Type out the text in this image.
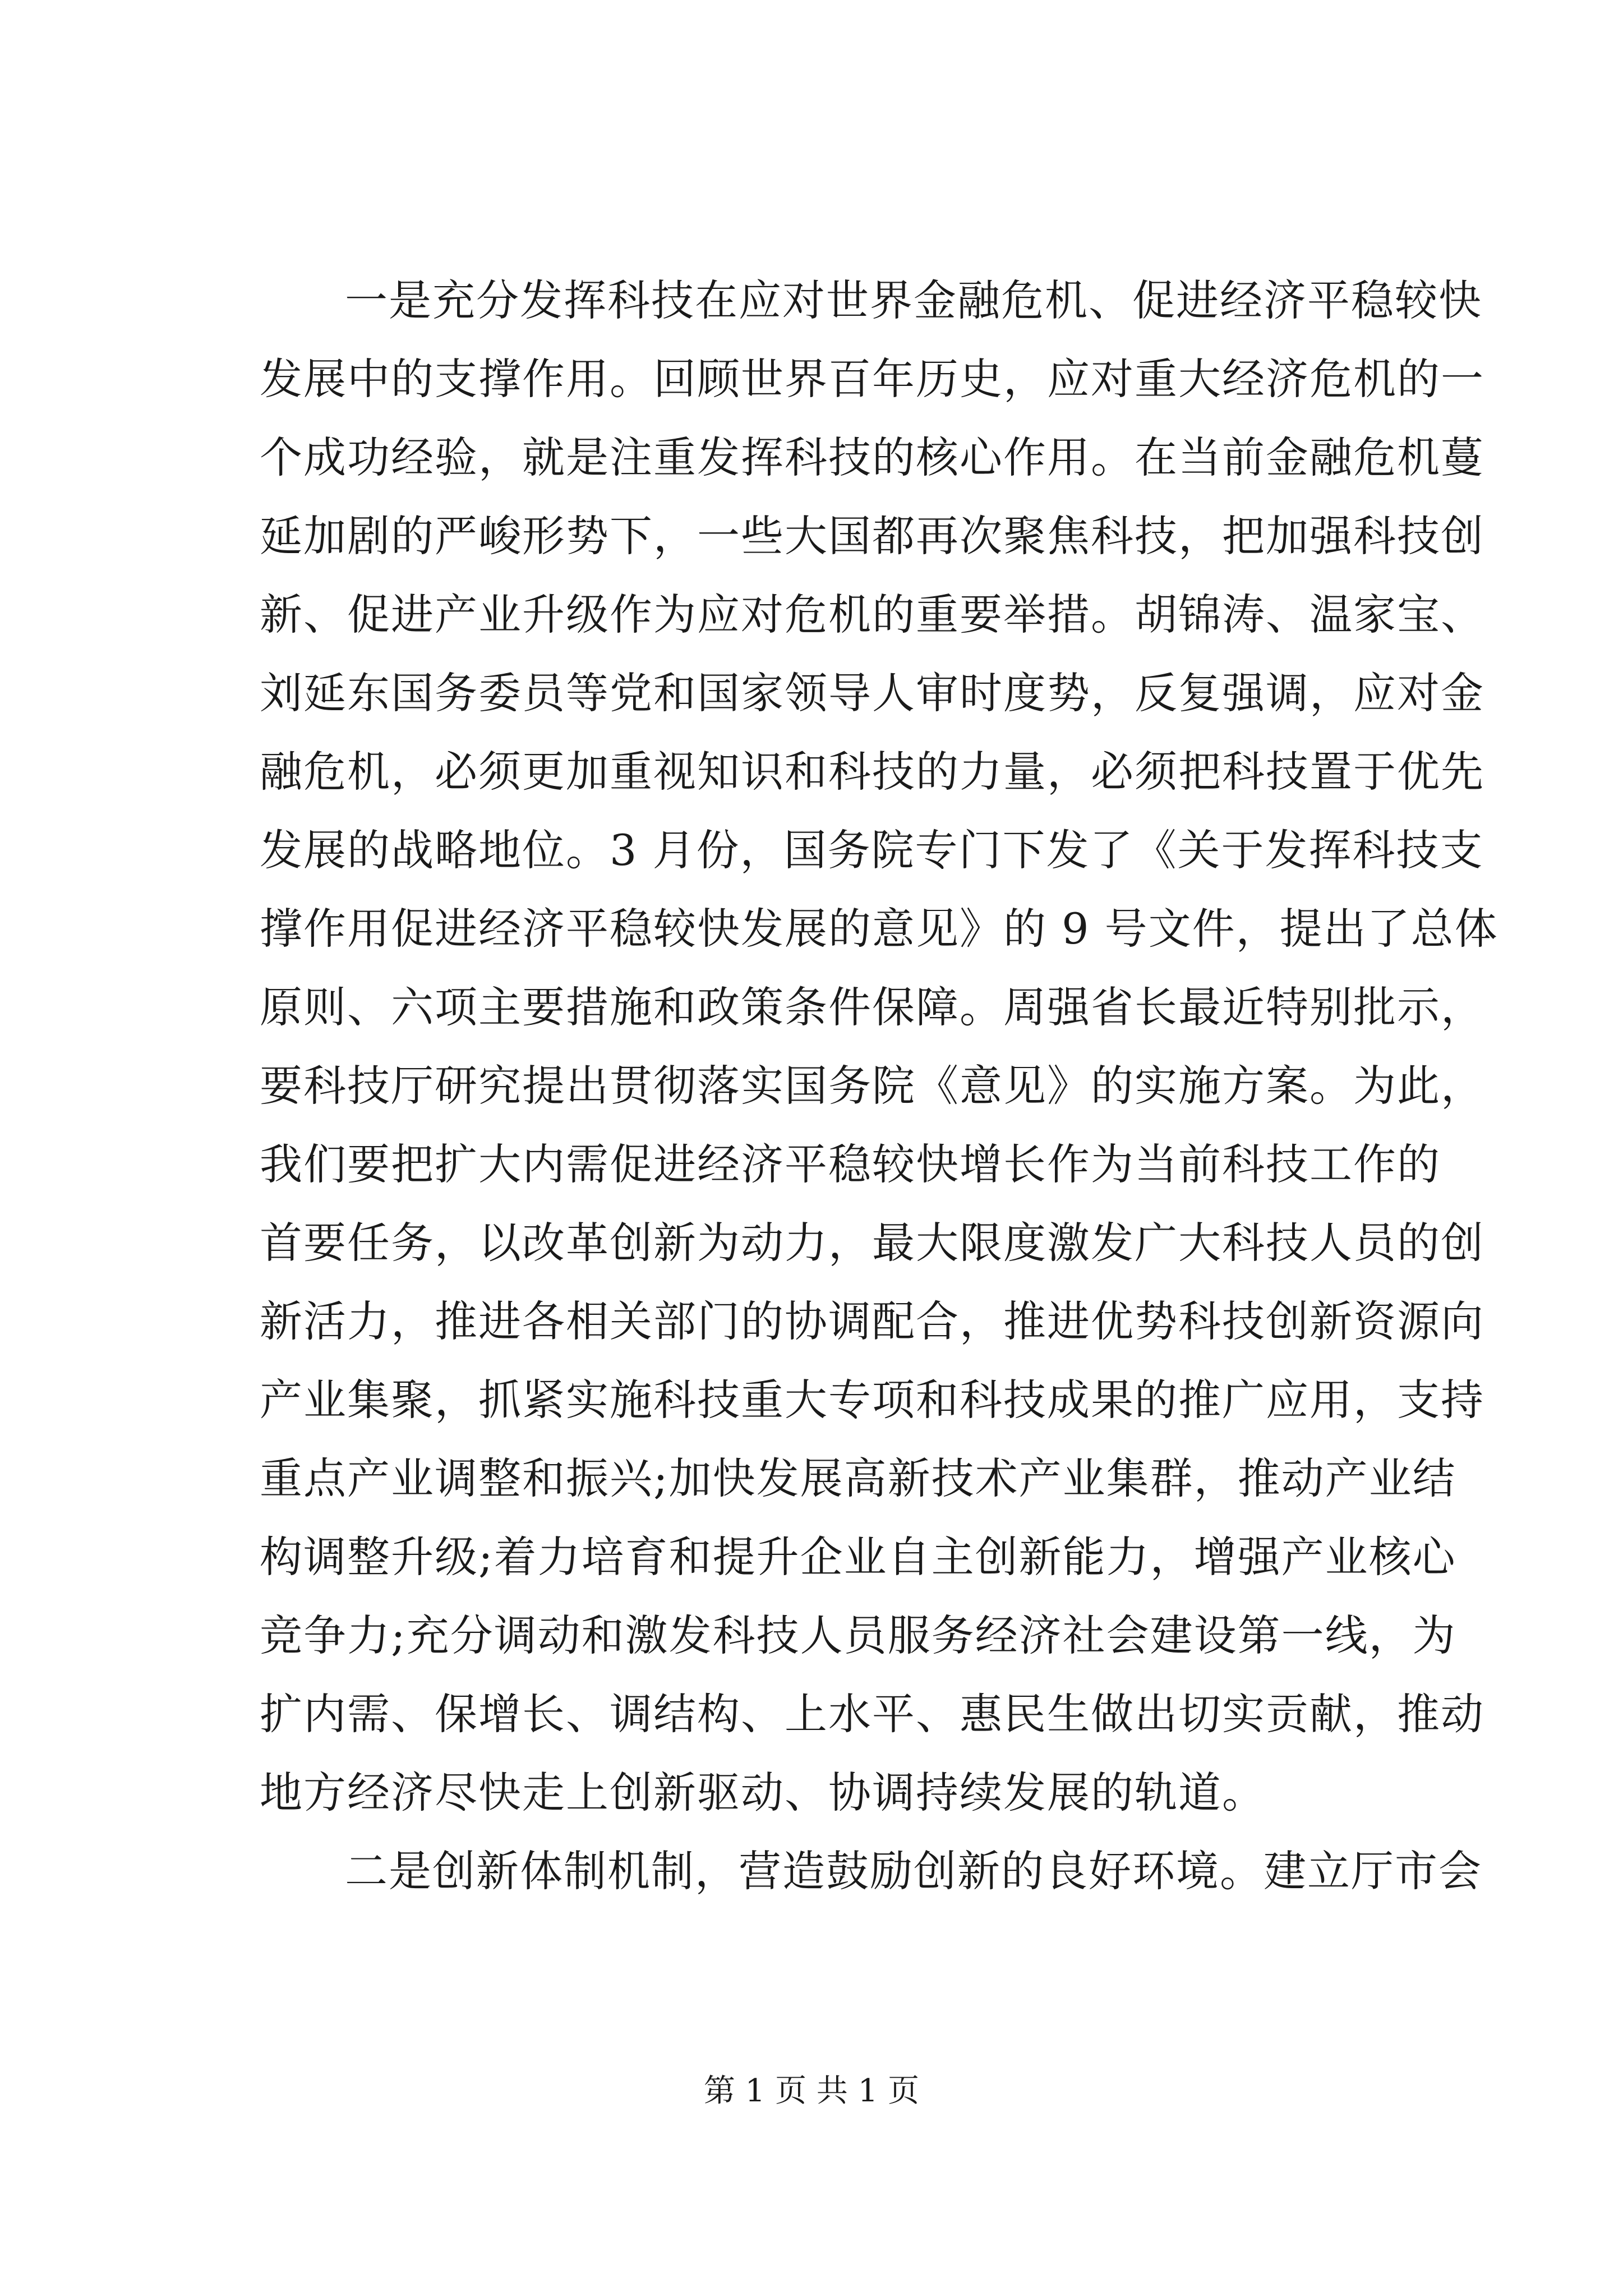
一是充分发挥科技在应对世界金融危机、促进经济平稳较快
发展中的支撑作用。回顾世界百年历史，应对重大经济危机的一
个成功经验，就是注重发挥科技的核心作用。在当前金融危机蔓
延加剧的严峻形势下，一些大国都再次聚焦科技，把加强科技创
新、促进产业升级作为应对危机的重要举措。胡锦涛、温家宝、
刘延东国务委员等党和国家领导人审时度势，反复强调，应对金
融危机，必须更加重视知识和科技的力量，必须把科技置于优先
发展的战略地位。3 月份，国务院专门下发了《关于发挥科技支
撑作用促进经济平稳较快发展的意见》的 9 号文件，提出了总体
原则、六项主要措施和政策条件保障。周强省长最近特别批示，
要科技厅研究提出贯彻落实国务院《意见》的实施方案。为此，
我们要把扩大内需促进经济平稳较快增长作为当前科技工作的
首要任务，以改革创新为动力，最大限度激发广大科技人员的创
新活力，推进各相关部门的协调配合，推进优势科技创新资源向
产业集聚，抓紧实施科技重大专项和科技成果的推广应用，支持
重点产业调整和振兴;加快发展高新技术产业集群，推动产业结
构调整升级;着力培育和提升企业自主创新能力，增强产业核心
竞争力;充分调动和激发科技人员服务经济社会建设第一线，为
扩内需、保增长、调结构、上水平、惠民生做出切实贡献，推动
地方经济尽快走上创新驱动、协调持续发展的轨道。
二是创新体制机制，营造鼓励创新的良好环境。建立厅市会
第 1 页 共 1 页
